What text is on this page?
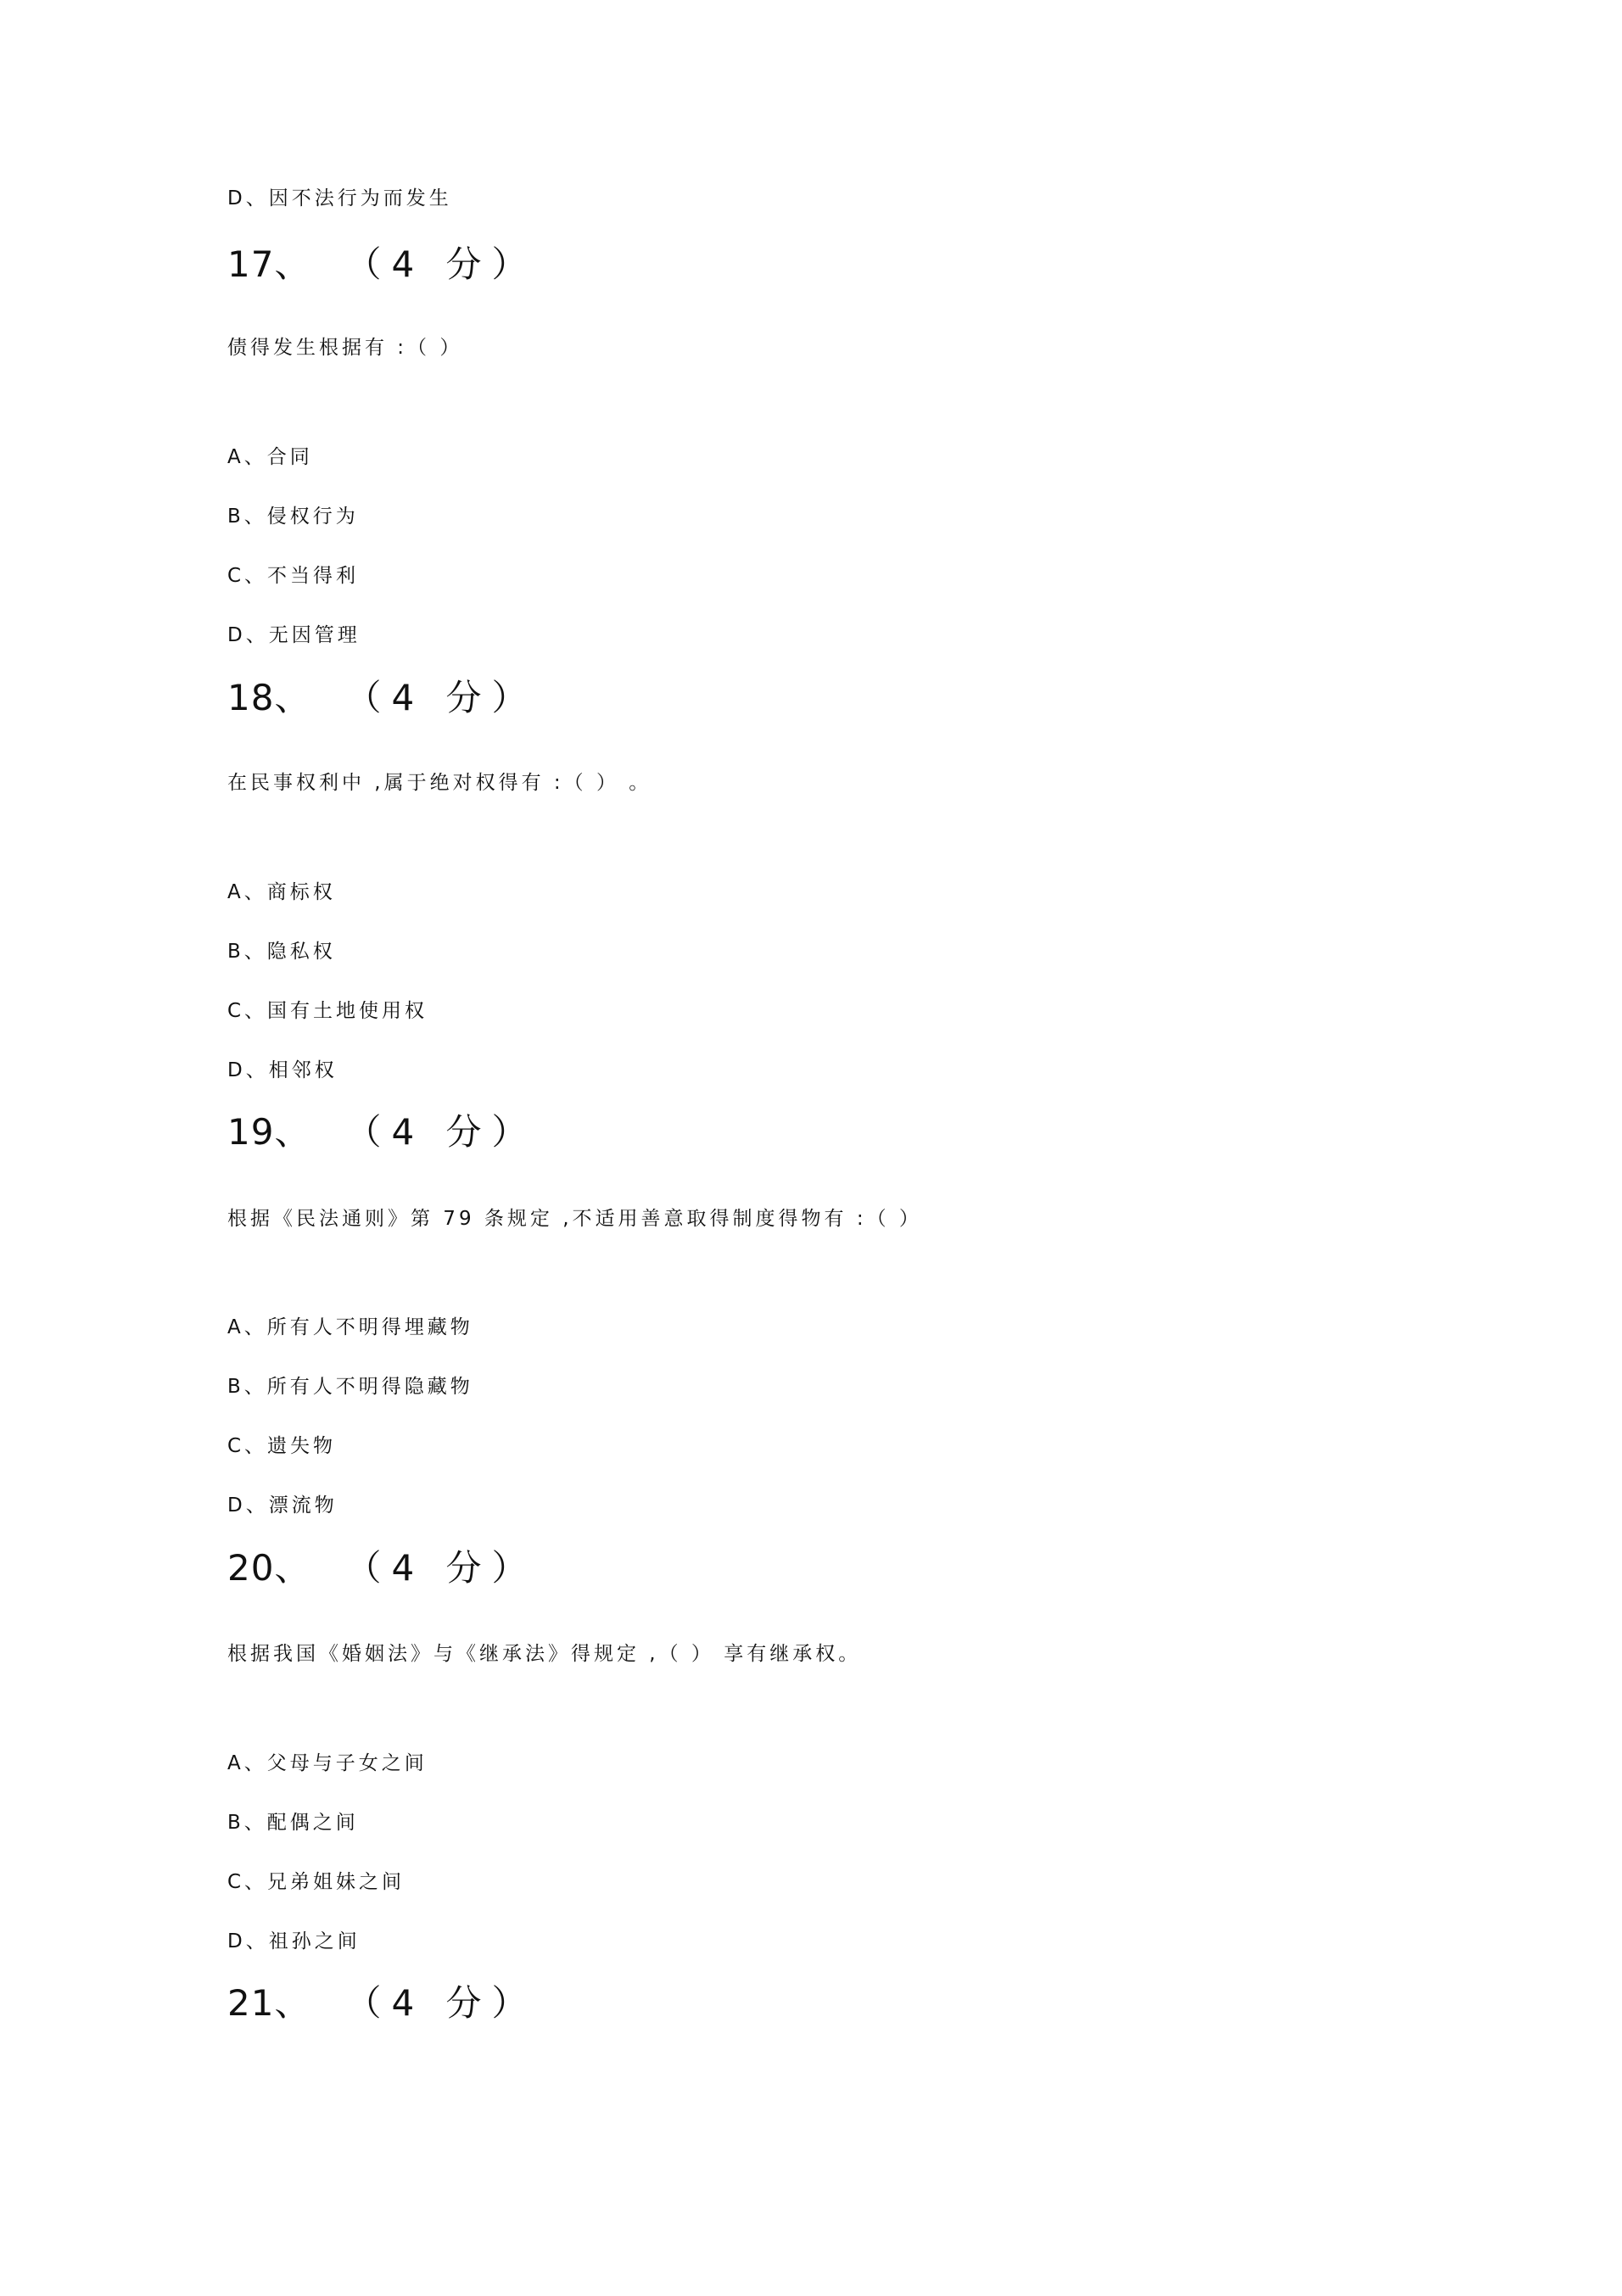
D、因不法行为而发生
17、 （4 分）
债得发生根据有 :（ ）
A、合同
B、侵权行为
C、不当得利
D、无因管理
18、 （4 分）
在民事权利中 ,属于绝对权得有 :（ ） 。
A、商标权
B、隐私权
C、国有土地使用权
D、相邻权
19、 （4 分）
根据《民法通则》第 79 条规定 ,不适用善意取得制度得物有 :（ ）
A、所有人不明得埋藏物
B、所有人不明得隐藏物
C、遗失物
D、漂流物
20、 （4 分）
根据我国《婚姻法》与《继承法》得规定 ,（ ） 享有继承权。
A、父母与子女之间
B、配偶之间
C、兄弟姐妹之间
D、祖孙之间
21、 （4 分）
